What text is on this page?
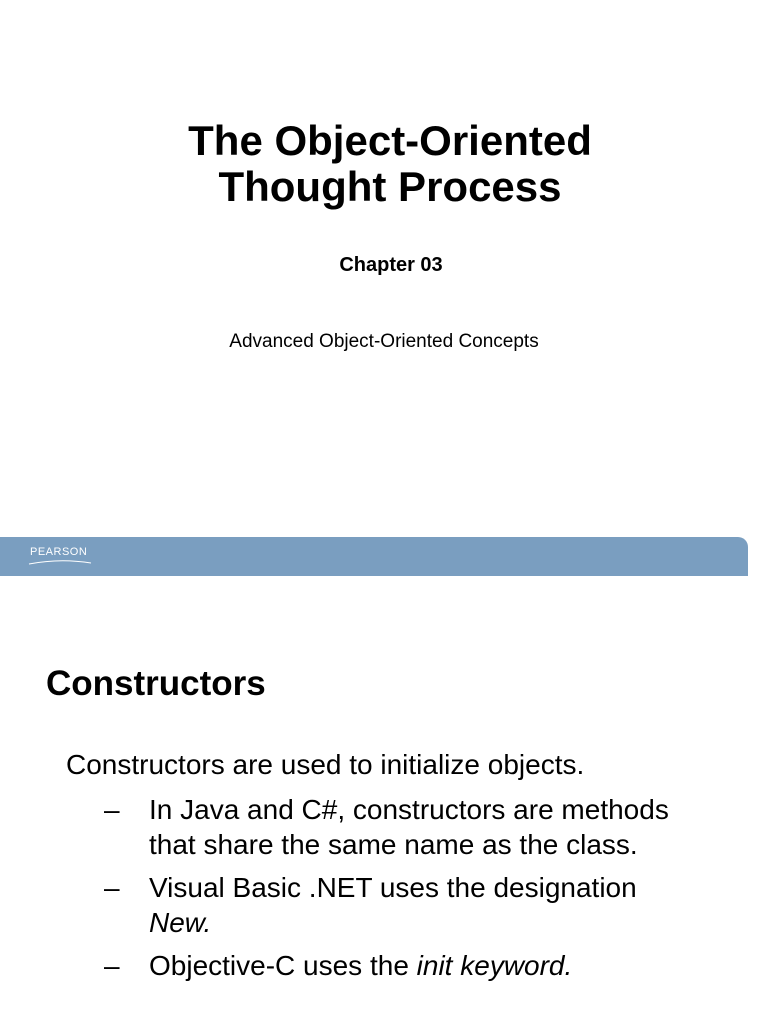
The Object-Oriented
Thought Process
Chapter 03
Advanced Object-Oriented Concepts
PEARSON
Constructors
Constructors are used to initialize objects.
– In Java and C#, constructors are methods
that share the same name as the class.
– Visual Basic .NET uses the designation
New.
– Objective-C uses the init keyword.
